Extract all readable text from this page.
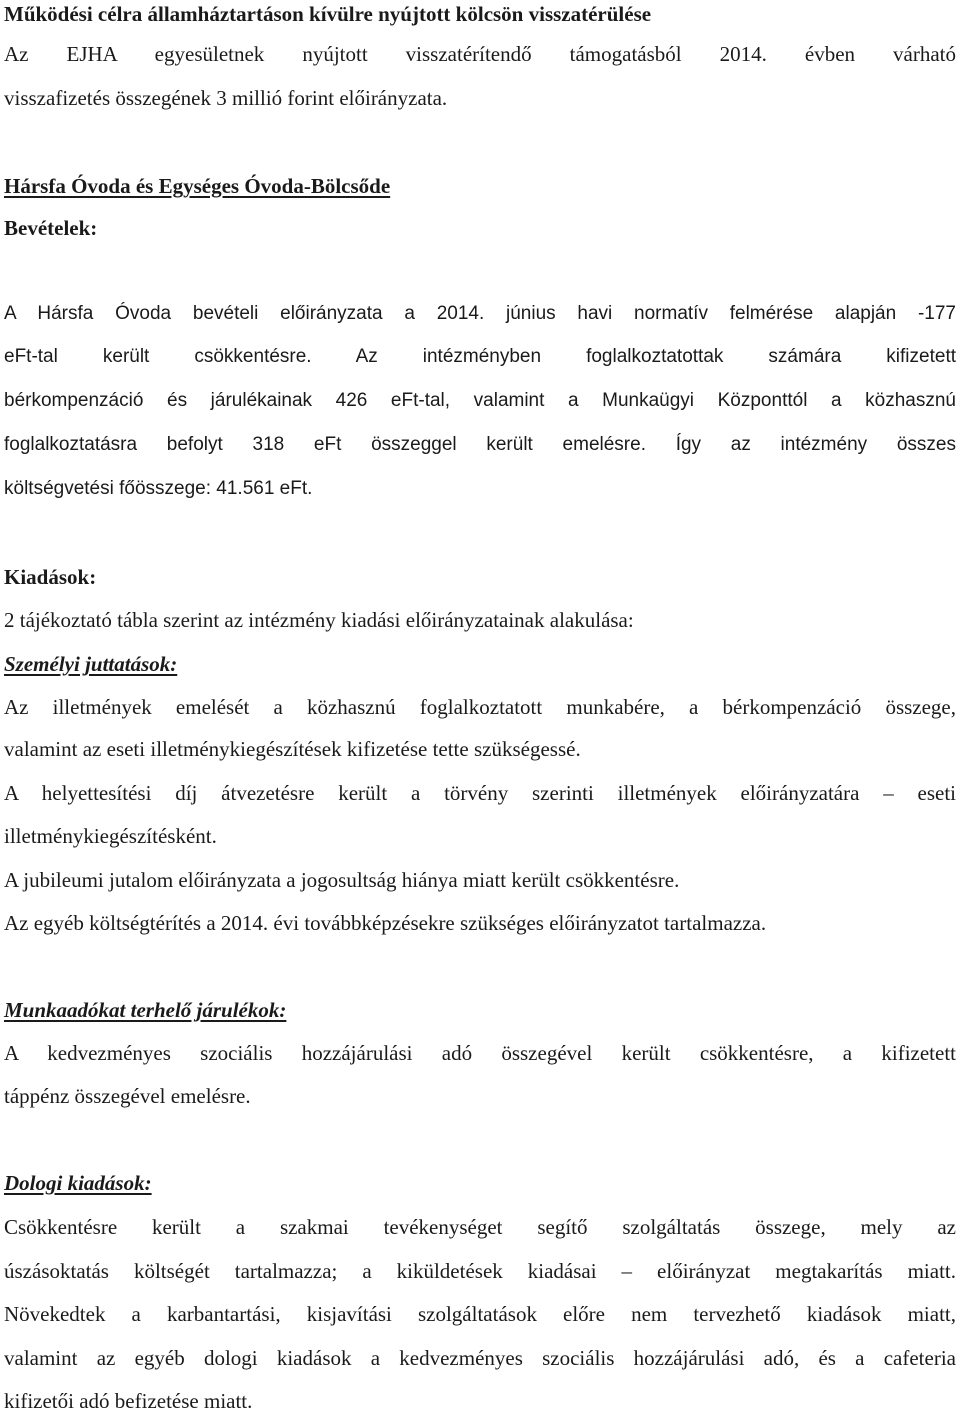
Működési célra államháztartáson kívülre nyújtott kölcsön visszatérülése
Az EJHA egyesületnek nyújtott visszatérítendő támogatásból 2014. évben várható
visszafizetés összegének 3 millió forint előirányzata.
Hársfa Óvoda és Egységes Óvoda-Bölcsőde
Bevételek:
A Hársfa Óvoda bevételi előirányzata a 2014. június havi normatív felmérése alapján -177
eFt-tal került csökkentésre. Az intézményben foglalkoztatottak számára kifizetett
bérkompenzáció és járulékainak 426 eFt-tal, valamint a Munkaügyi Központtól a közhasznú
foglalkoztatásra befolyt 318 eFt összeggel került emelésre. Így az intézmény összes
költségvetési főösszege: 41.561 eFt.
Kiadások:
2 tájékoztató tábla szerint az intézmény kiadási előirányzatainak alakulása:
Személyi juttatások:
Az illetmények emelését a közhasznú foglalkoztatott munkabére, a bérkompenzáció összege,
valamint az eseti illetménykiegészítések kifizetése tette szükségessé.
A helyettesítési díj átvezetésre került a törvény szerinti illetmények előirányzatára – eseti
illetménykiegészítésként.
A jubileumi jutalom előirányzata a jogosultság hiánya miatt került csökkentésre.
Az egyéb költségtérítés a 2014. évi továbbképzésekre szükséges előirányzatot tartalmazza.
Munkaadókat terhelő járulékok:
A kedvezményes szociális hozzájárulási adó összegével került csökkentésre, a kifizetett
táppénz összegével emelésre.
Dologi kiadások:
Csökkentésre került a szakmai tevékenységet segítő szolgáltatás összege, mely az
úszásoktatás költségét tartalmazza; a kiküldetések kiadásai – előirányzat megtakarítás miatt.
Növekedtek a karbantartási, kisjavítási szolgáltatások előre nem tervezhető kiadások miatt,
valamint az egyéb dologi kiadások a kedvezményes szociális hozzájárulási adó, és a cafeteria
kifizetői adó befizetése miatt.
